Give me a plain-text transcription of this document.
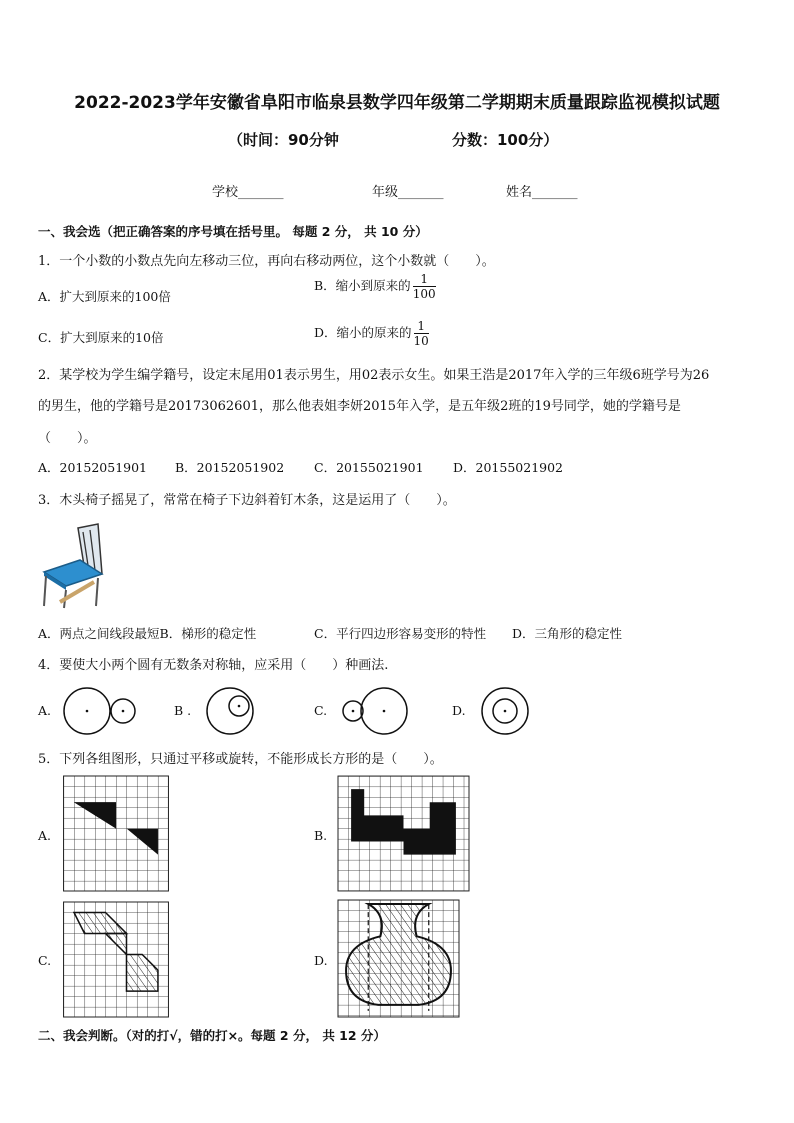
2022-2023学年安徽省阜阳市临泉县数学四年级第二学期期末质量跟踪监视模拟试题
（时间：90分钟	分数：100分）
学校_______	年级_______	姓名_______
一、我会选（把正确答案的序号填在括号里。 每题 2 分， 共 10 分）
1．一个小数的小数点先向左移动三位，再向右移动两位，这个小数就（　　）。
A．扩大到原来的100倍
B．缩小到原来的 $\frac{1}{100}$
C．扩大到原来的10倍	D．缩小的原来的 $\frac{1}{10}$
2．某学校为学生编学籍号，设定末尾用01表示男生，用02表示女生。如果王浩是2017年入学的三年级6班学号为26
的男生，他的学籍号是20173062601，那么他表姐李妍2015年入学，是五年级2班的19号同学，她的学籍号是
（　　）。
A．20152051901 B．20152051902 C．20155021901 D．20155021902
3．木头椅子摇晃了，常常在椅子下边斜着钉木条，这是运用了（　　）。
A．两点之间线段最短B．梯形的稳定性	C．平行四边形容易变形的特性 D．三角形的稳定性
4．要使大小两个圆有无数条对称轴，应采用（　　）种画法.
A.	B .	C.	D.
5．下列各组图形，只通过平移或旋转，不能形成长方形的是（　　）。
A.	B.
C.	D.
二、我会判断。（对的打√，错的打×。每题 2 分， 共 12 分）
